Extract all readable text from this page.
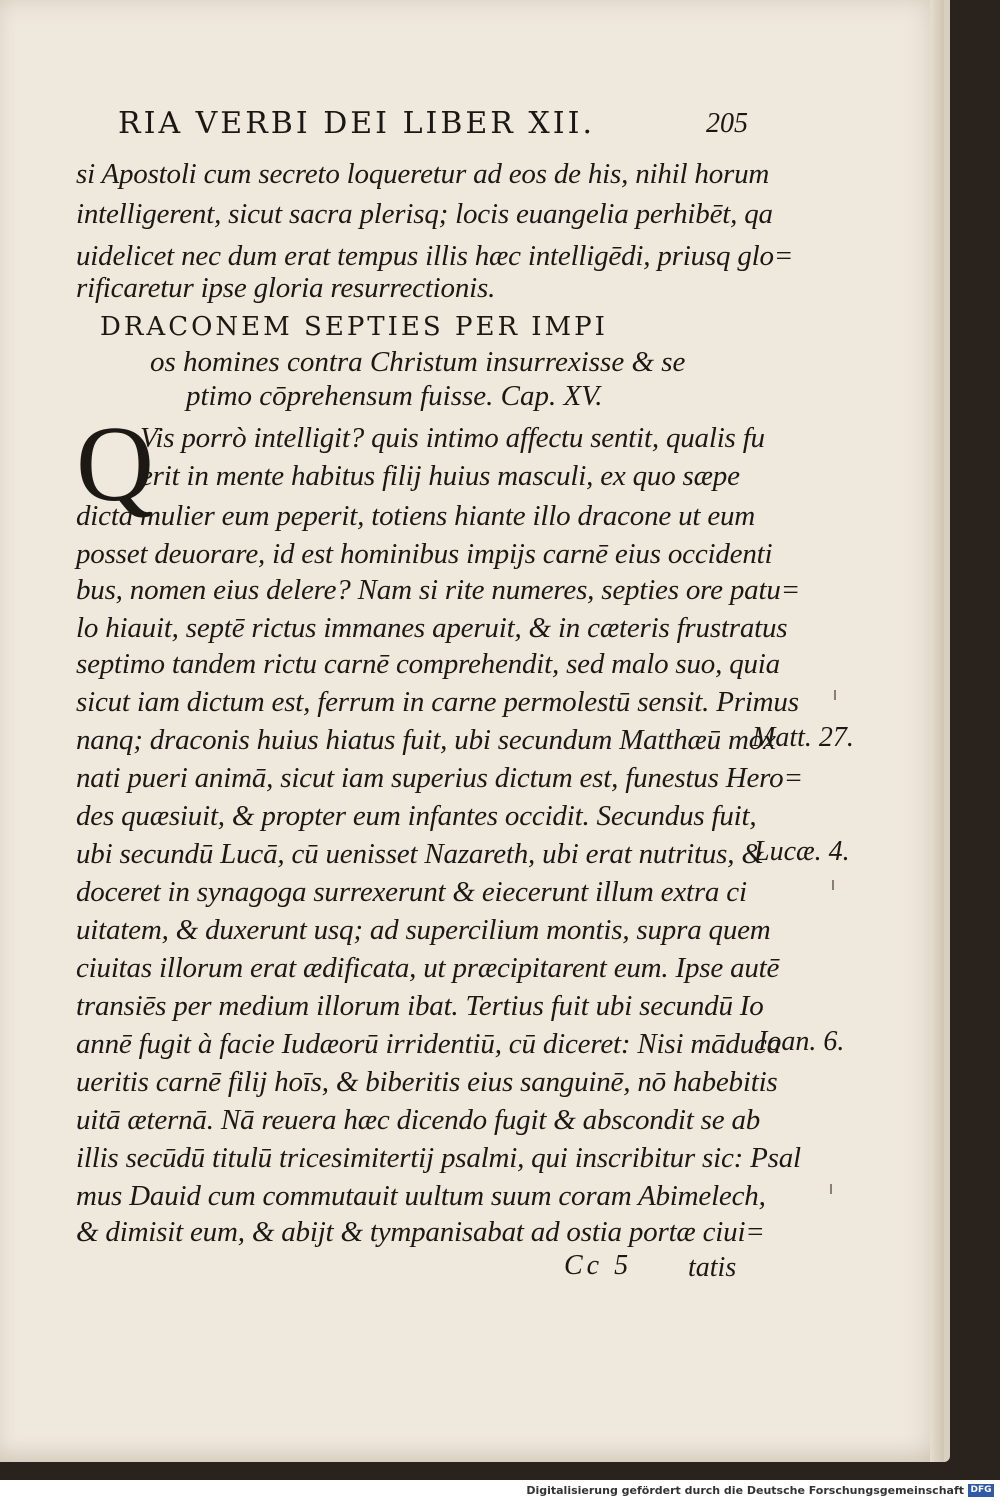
RIA VERBI DEI LIBER XII.	205
si Apostoli cum secreto loqueretur ad eos de his, nihil horum
intelligerent, sicut sacra plerisq; locis euangelia perhibēt, qa
uidelicet nec dum erat tempus illis hæc intelligēdi, priusq glo=
rificaretur ipse gloria resurrectionis.
DRACONEM SEPTIES PER IMPI
os homines contra Christum insurrexisse & se
ptimo cōprehensum fuisse. Cap. XV.
Q
Vis porrò intelligit? quis intimo affectu sentit, qualis fu
erit in mente habitus filij huius masculi, ex quo sæpe
dicta mulier eum peperit, totiens hiante illo dracone ut eum
posset deuorare, id est hominibus impijs carnē eius occidenti
bus, nomen eius delere? Nam si rite numeres, septies ore patu=
lo hiauit, septē rictus immanes aperuit, & in cæteris frustratus
septimo tandem rictu carnē comprehendit, sed malo suo, quia
sicut iam dictum est, ferrum in carne permolestū sensit. Primus
nanq; draconis huius hiatus fuit, ubi secundum Matthæū mox
nati pueri animā, sicut iam superius dictum est, funestus Hero=
des quæsiuit, & propter eum infantes occidit. Secundus fuit,
ubi secundū Lucā, cū uenisset Nazareth, ubi erat nutritus, &
doceret in synagoga surrexerunt & eiecerunt illum extra ci
uitatem, & duxerunt usq; ad supercilium montis, supra quem
ciuitas illorum erat ædificata, ut præcipitarent eum. Ipse autē
transiēs per medium illorum ibat. Tertius fuit ubi secundū Io
annē fugit à facie Iudæorū irridentiū, cū diceret: Nisi māduca
ueritis carnē filij hoīs, & biberitis eius sanguinē, nō habebitis
uitā æternā. Nā reuera hæc dicendo fugit & abscondit se ab
illis secūdū titulū tricesimitertij psalmi, qui inscribitur sic: Psal
mus Dauid cum commutauit uultum suum coram Abimelech,
& dimisit eum, & abijt & tympanisabat ad ostia portæ ciui=
Matt. 27.
Lucæ. 4.
Ioan. 6.
Cc 5 tatis
Digitalisierung gefördert durch die Deutsche Forschungsgemeinschaft DFG
